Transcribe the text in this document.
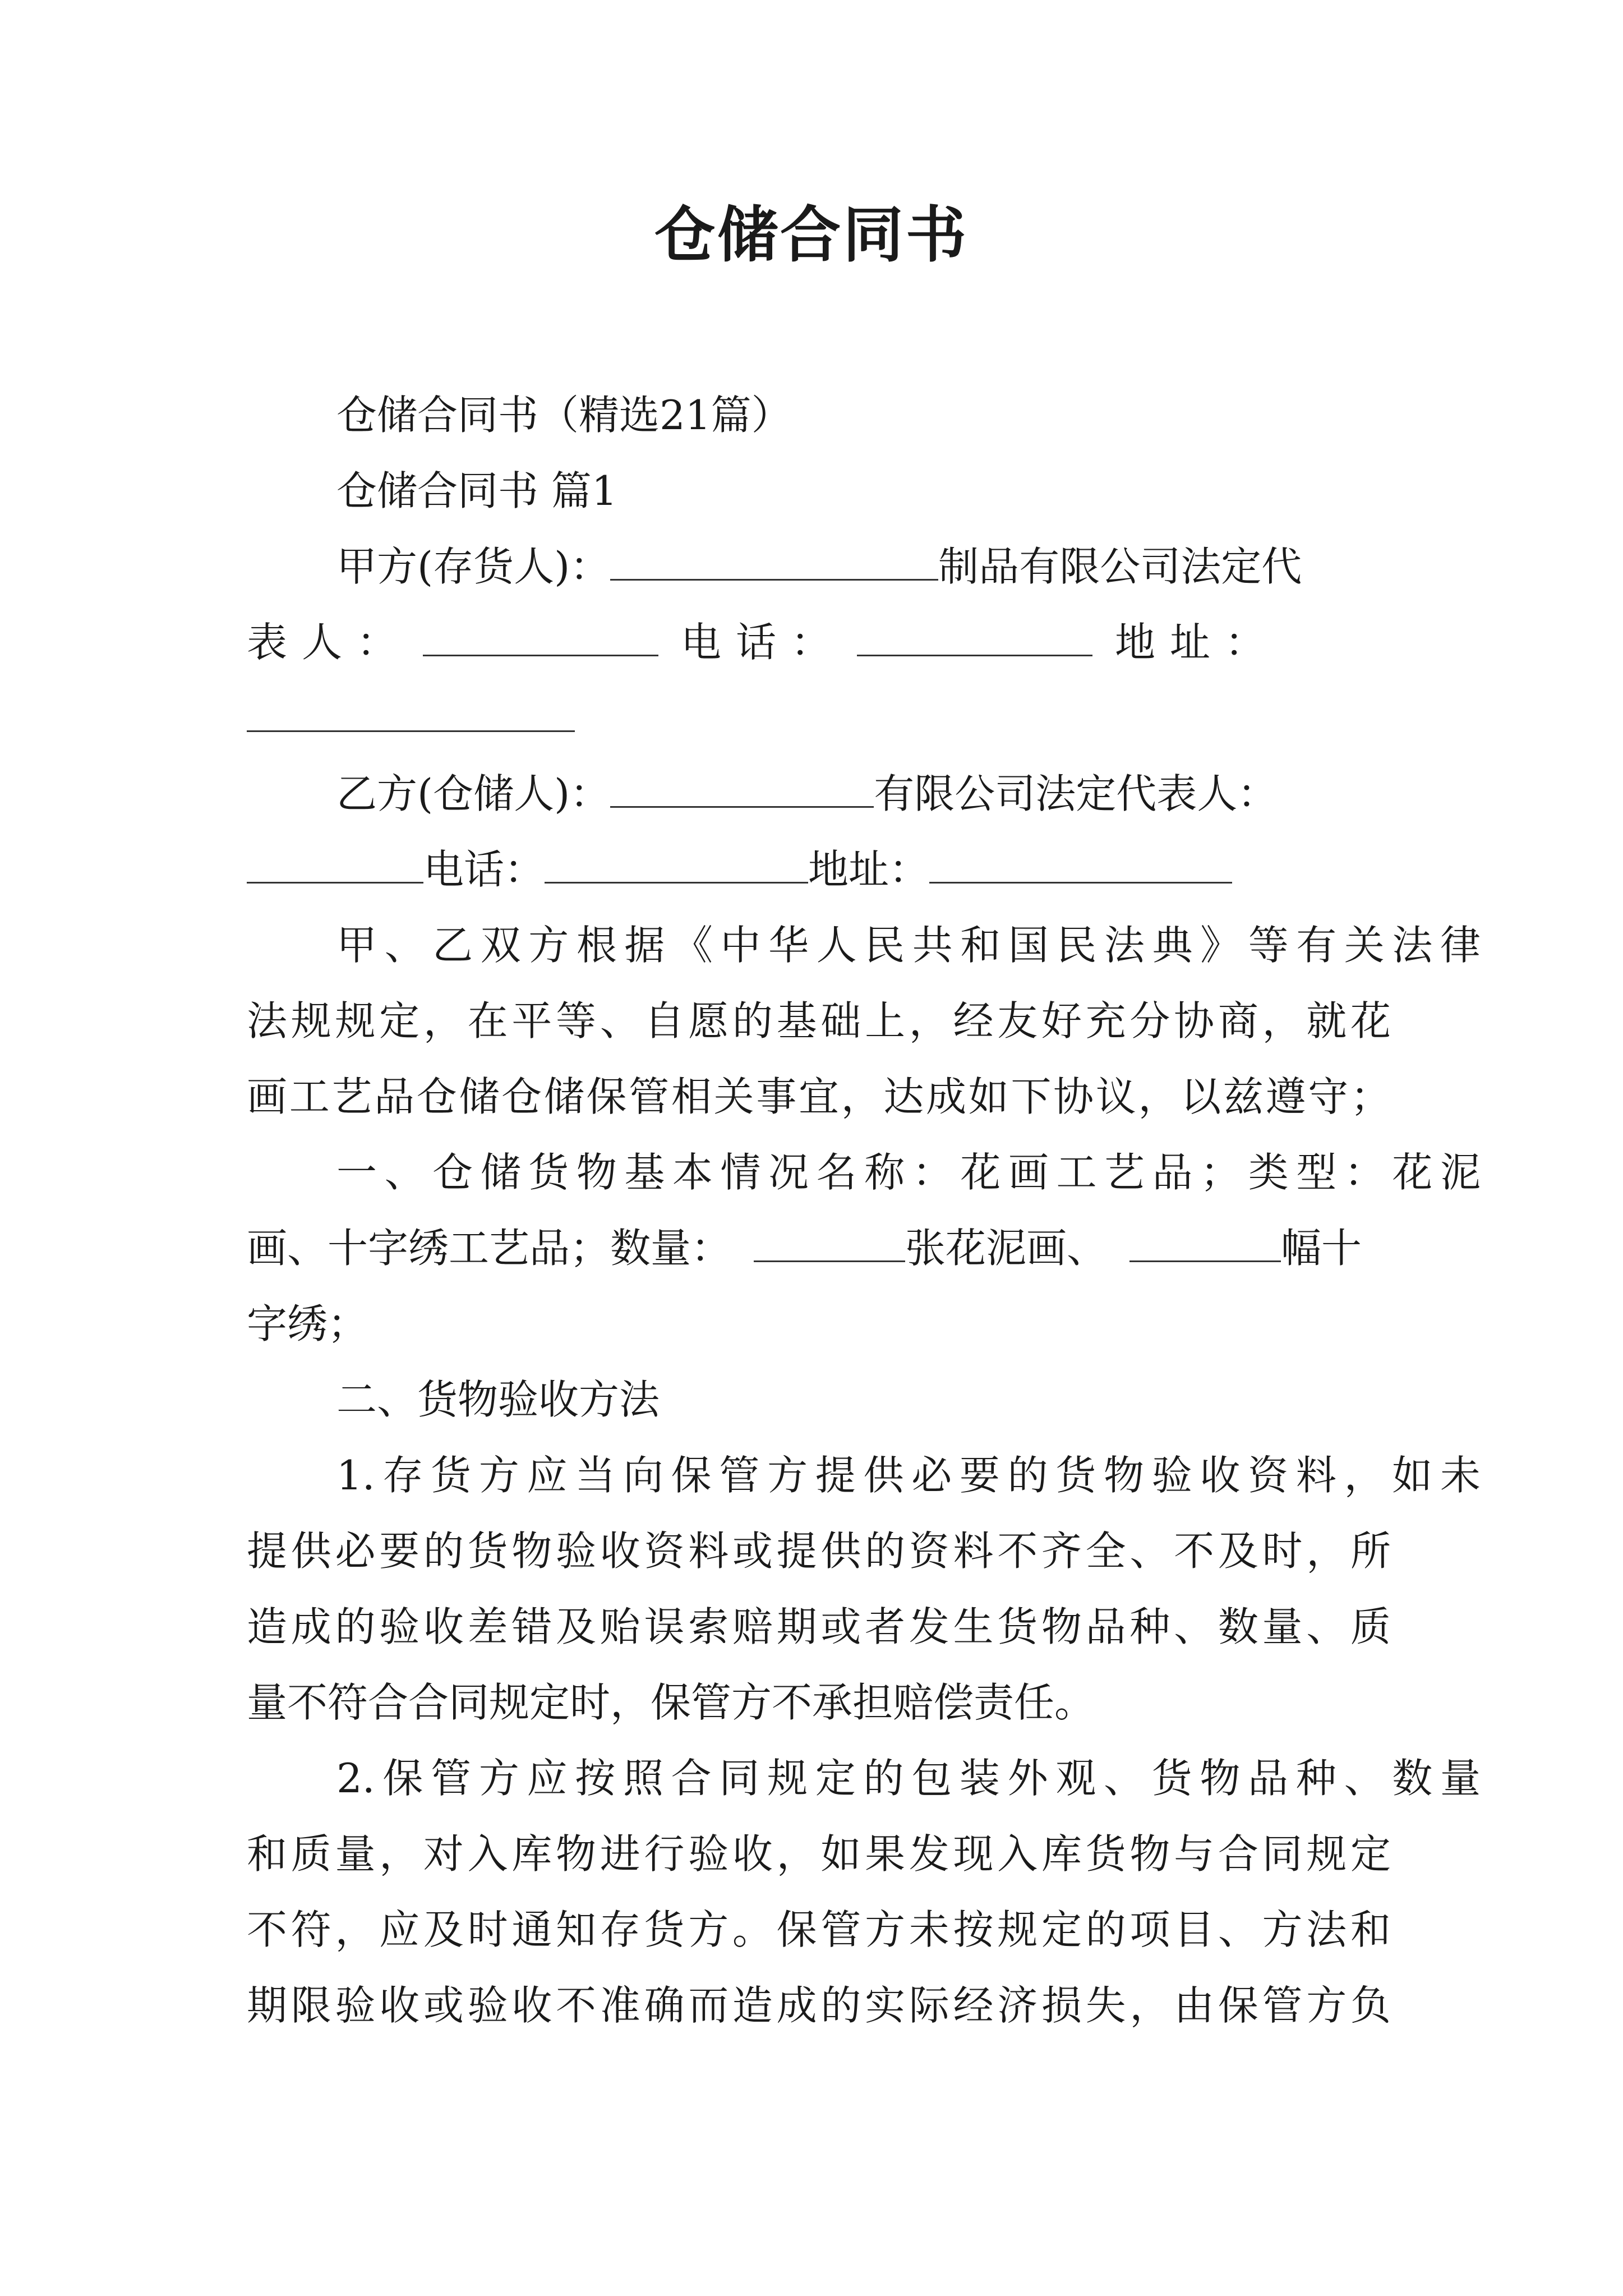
仓储合同书
仓储合同书（精选21篇）
仓储合同书 篇1
甲方(存货人)：	制品有限公司法定代
表人：	电话：	地址：
乙方(仓储人)：	有限公司法定代表人：
电话：	地址：
甲、乙双方根据《中华人民共和国民法典》等有关法律
法规规定，在平等、自愿的基础上，经友好充分协商，就花
画工艺品仓储仓储保管相关事宜，达成如下协议，以兹遵守；
一、仓储货物基本情况名称：花画工艺品；类型：花泥
画、十字绣工艺品；数量：	张花泥画、	幅十
字绣；
二、货物验收方法
1.存货方应当向保管方提供必要的货物验收资料，如未
提供必要的货物验收资料或提供的资料不齐全、不及时，所
造成的验收差错及贻误索赔期或者发生货物品种、数量、质
量不符合合同规定时，保管方不承担赔偿责任。
2.保管方应按照合同规定的包装外观、货物品种、数量
和质量，对入库物进行验收，如果发现入库货物与合同规定
不符，应及时通知存货方。保管方未按规定的项目、方法和
期限验收或验收不准确而造成的实际经济损失，由保管方负
